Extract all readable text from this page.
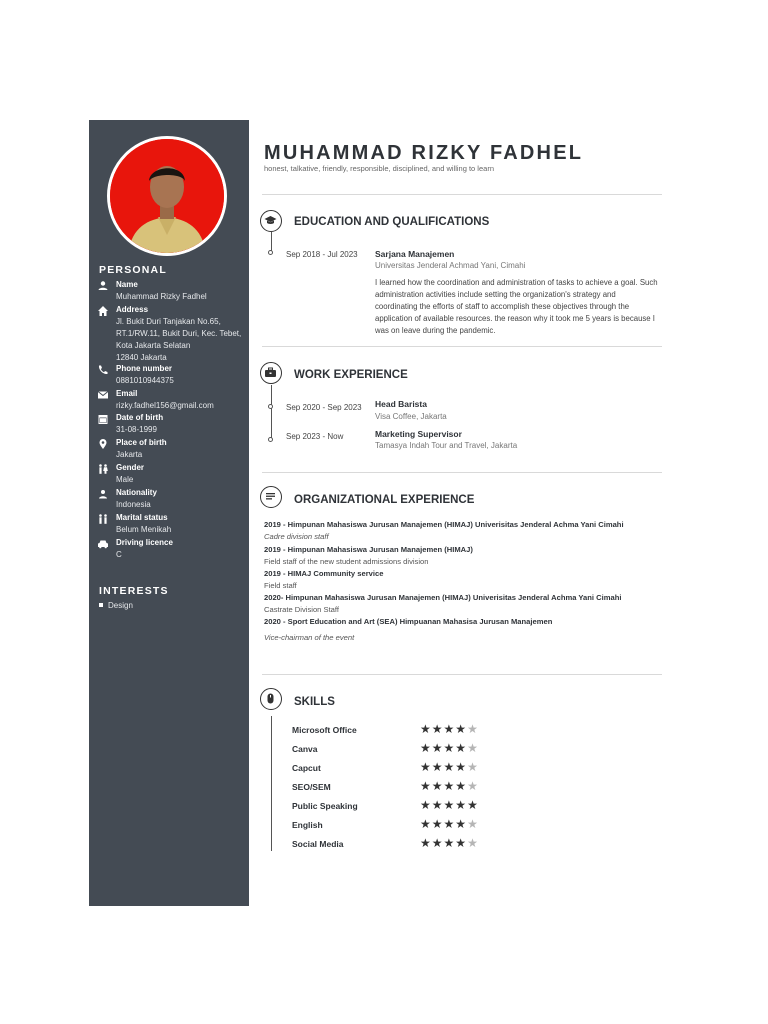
PERSONAL
Name
Muhammad Rizky Fadhel
Address
Jl. Bukit Duri Tanjakan No.65,
RT.1/RW.11, Bukit Duri, Kec. Tebet,
Kota Jakarta Selatan
12840 Jakarta
Phone number
0881010944375
Email
rizky.fadhel156@gmail.com
Date of birth
31-08-1999
Place of birth
Jakarta
Gender
Male
Nationality
Indonesia
Marital status
Belum Menikah
Driving licence
C
INTERESTS
Design
MUHAMMAD RIZKY FADHEL
honest, talkative, friendly, responsible, disciplined, and willing to learn
EDUCATION AND QUALIFICATIONS
Sep 2018 - Jul 2023 Sarjana Manajemen
Universitas Jenderal Achmad Yani, Cimahi
I learned how the coordination and administration of tasks to achieve a goal. Such administration activities include setting the organization's strategy and coordinating the efforts of staff to accomplish these objectives through the application of available resources. the reason why it took me 5 years is because I was on leave during the pandemic.
WORK EXPERIENCE
Sep 2020 - Sep 2023 Head Barista
Visa Coffee, Jakarta
Sep 2023 - Now	Marketing Supervisor
Tamasya Indah Tour and Travel, Jakarta
ORGANIZATIONAL EXPERIENCE
2019 - Himpunan Mahasiswa Jurusan Manajemen (HIMAJ) Univerisitas Jenderal Achma Yani Cimahi
Cadre division staff
2019 - Himpunan Mahasiswa Jurusan Manajemen (HIMAJ)
Field staff of the new student admissions division
2019 - HIMAJ Community service
Field staff
2020- Himpunan Mahasiswa Jurusan Manajemen (HIMAJ) Univerisitas Jenderal Achma Yani Cimahi
Castrate Division Staff
2020 - Sport Education and Art (SEA) Himpuanan Mahasisa Jurusan Manajemen
Vice-chairman of the event
SKILLS
Microsoft Office	★★★★★
Canva	★★★★★
Capcut	★★★★★
SEO/SEM	★★★★★
Public Speaking	★★★★★
English	★★★★★
Social Media	★★★★★
